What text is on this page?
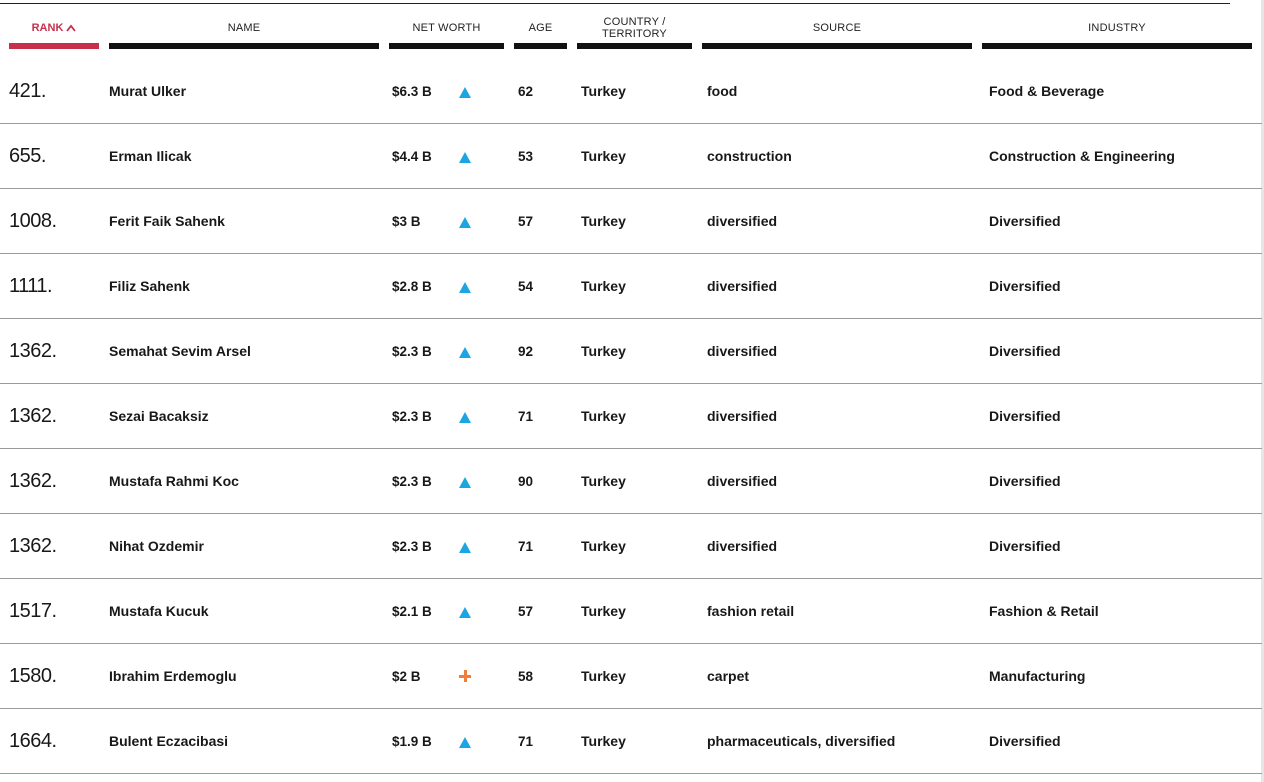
RANK	NAME	NET WORTH	AGE	COUNTRY / TERRITORY	SOURCE	INDUSTRY
421.	Murat Ulker	$6.3 B	62	Turkey	food	Food & Beverage
655.	Erman Ilicak	$4.4 B	53	Turkey	construction	Construction & Engineering
1008.	Ferit Faik Sahenk	$3 B	57	Turkey	diversified	Diversified
1111.	Filiz Sahenk	$2.8 B	54	Turkey	diversified	Diversified
1362.	Semahat Sevim Arsel	$2.3 B	92	Turkey	diversified	Diversified
1362.	Sezai Bacaksiz	$2.3 B	71	Turkey	diversified	Diversified
1362.	Mustafa Rahmi Koc	$2.3 B	90	Turkey	diversified	Diversified
1362.	Nihat Ozdemir	$2.3 B	71	Turkey	diversified	Diversified
1517.	Mustafa Kucuk	$2.1 B	57	Turkey	fashion retail	Fashion & Retail
1580.	Ibrahim Erdemoglu	$2 B	58	Turkey	carpet	Manufacturing
1664.	Bulent Eczacibasi	$1.9 B	71	Turkey	pharmaceuticals, diversified	Diversified
